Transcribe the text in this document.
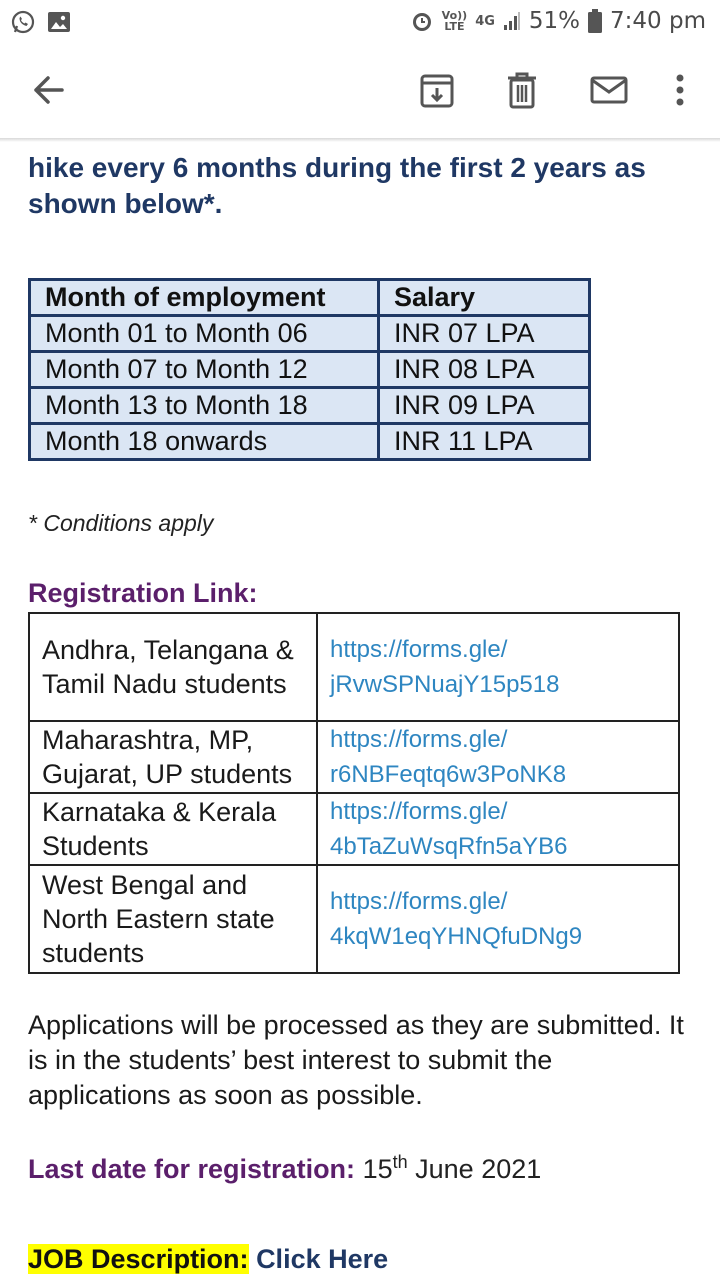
Vo))
LTE 4G 51% 7:40 pm
hike every 6 months during the first 2 years as shown below*.
Month of employment	Salary
Month 01 to Month 06	INR 07 LPA
Month 07 to Month 12	INR 08 LPA
Month 13 to Month 18	INR 09 LPA
Month 18 onwards	INR 11 LPA
* Conditions apply
Registration Link:
Andhra, Telangana & Tamil Nadu students	https://forms.gle/
jRvwSPNuajY15p518

Maharashtra, MP, Gujarat, UP students	https://forms.gle/
r6NBFeqtq6w3PoNK8

Karnataka & Kerala Students	https://forms.gle/
4bTaZuWsqRfn5aYB6

West Bengal and North Eastern state students	https://forms.gle/
4kqW1eqYHNQfuDNg9
Applications will be processed as they are submitted. It is in the students’ best interest to submit the applications as soon as possible.
Last date for registration: 15th June 2021
JOB Description: Click Here
